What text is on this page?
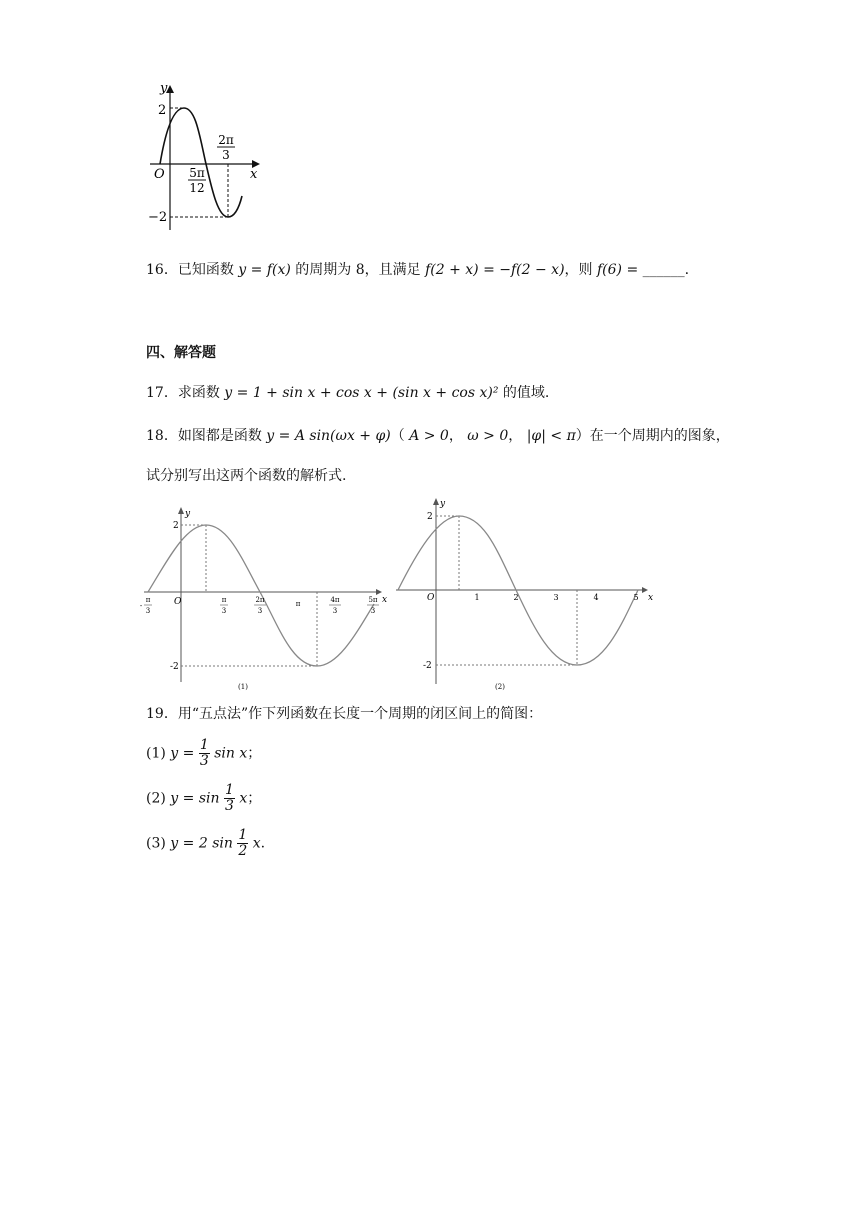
y
x
O
2
−2
5π
12
2π
3
16．已知函数 y = f(x) 的周期为 8，且满足 f(2 + x) = −f(2 − x)，则 f(6) = ______.
四、解答题
17．求函数 y = 1 + sin x + cos x + (sin x + cos x)² 的值域.
18．如图都是函数 y = A sin(ωx + φ)（ A > 0， ω > 0， |φ| < π）在一个周期内的图象，
试分别写出这两个函数的解析式.
y
x
O
2
-2
π
3
-
π
3
2π
3
π	4π
3
5π
3
(1)
y
x
O
2
-2
1	2	3	4	5
(2)
19．用“五点法”作下列函数在长度一个周期的闭区间上的简图：
(1) $y = \frac{1}{3}$ sin x；
(2) $y = \sin \frac{1}{3}$ x；
(3) y = 2 $\sin \frac{1}{2} x$.
